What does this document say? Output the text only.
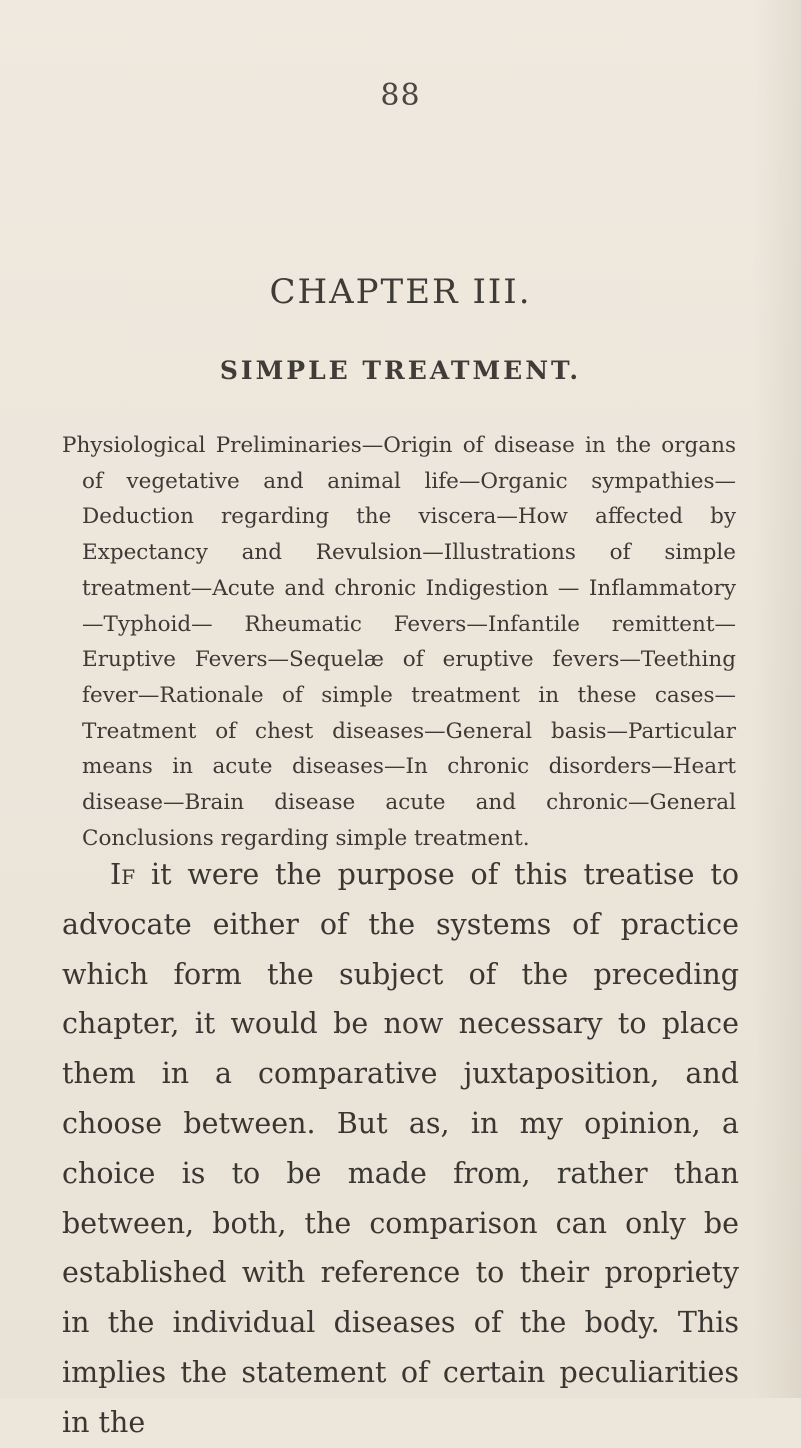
88
CHAPTER III.
SIMPLE TREATMENT.

Physiological Preliminaries—Origin of disease in the organs of vegetative and animal life—Organic sympathies—Deduction regarding the viscera—How affected by Expectancy and Revulsion—Illustrations of simple treatment—Acute and chronic Indigestion — Inflammatory—Typhoid— Rheumatic Fevers—Infantile remittent—Eruptive Fevers—Sequelæ of eruptive fevers—Teething fever—Rationale of simple treatment in these cases—Treatment of chest diseases—General basis—Particular means in acute diseases—In chronic disorders—Heart disease—Brain disease acute and chronic—General Conclusions regarding simple treatment.

If it were the purpose of this treatise to advocate either of the systems of practice which form the subject of the preceding chapter, it would be now necessary to place them in a comparative juxtaposition, and choose between. But as, in my opinion, a choice is to be made from, rather than between, both, the comparison can only be established with reference to their propriety in the individual diseases of the body. This implies the statement of certain peculiarities in the
